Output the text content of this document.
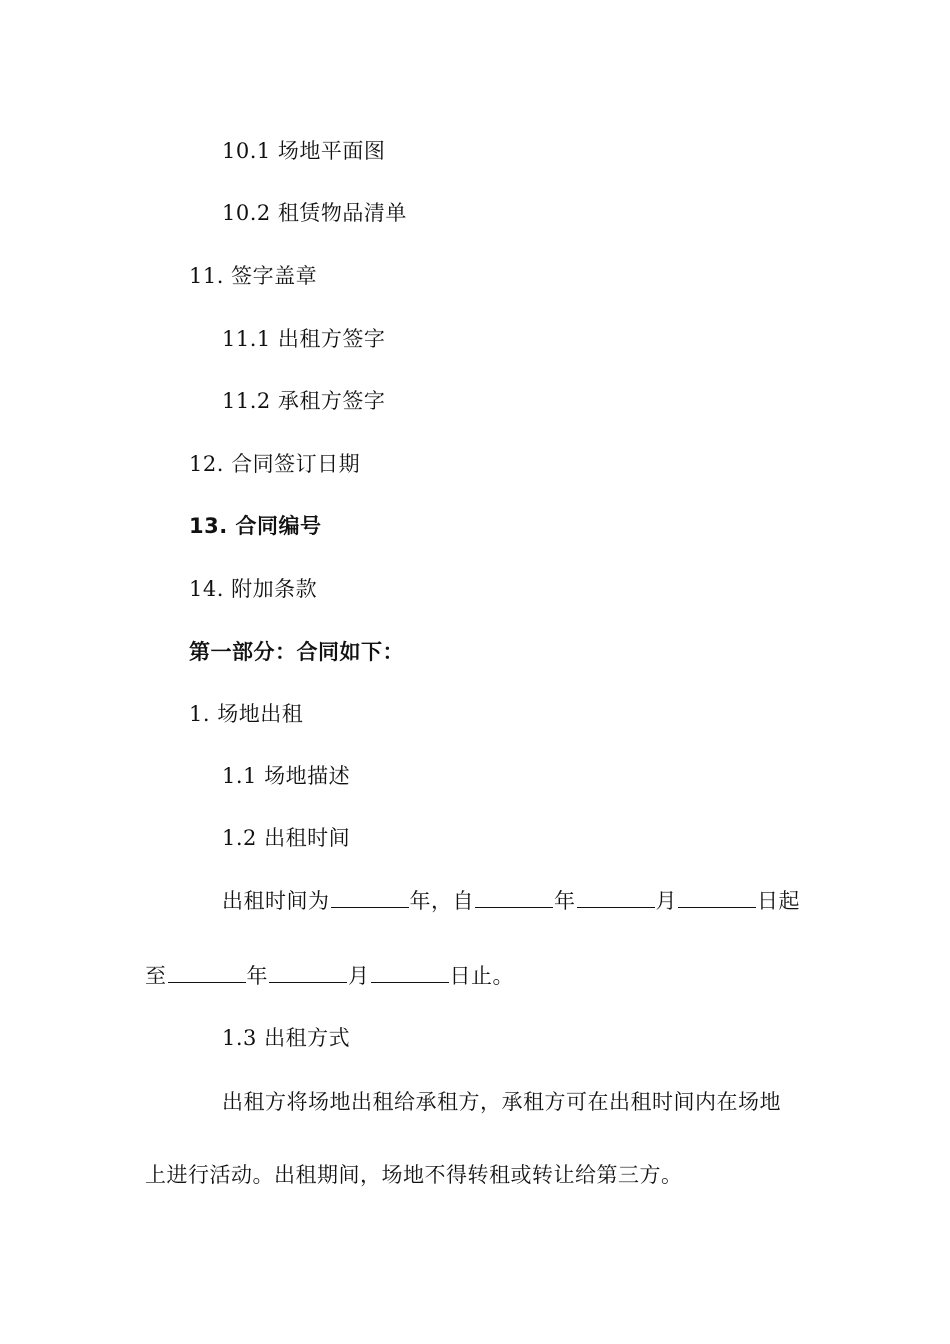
10.1 场地平面图
10.2 租赁物品清单
11. 签字盖章
11.1 出租方签字
11.2 承租方签字
12. 合同签订日期
13. 合同编号
14. 附加条款
第一部分：合同如下：
1. 场地出租
1.1 场地描述
1.2 出租时间
出租时间为	年，自	年	月	日起
至	年	月	日止。
1.3 出租方式
出租方将场地出租给承租方，承租方可在出租时间内在场地
上进行活动。出租期间，场地不得转租或转让给第三方。
